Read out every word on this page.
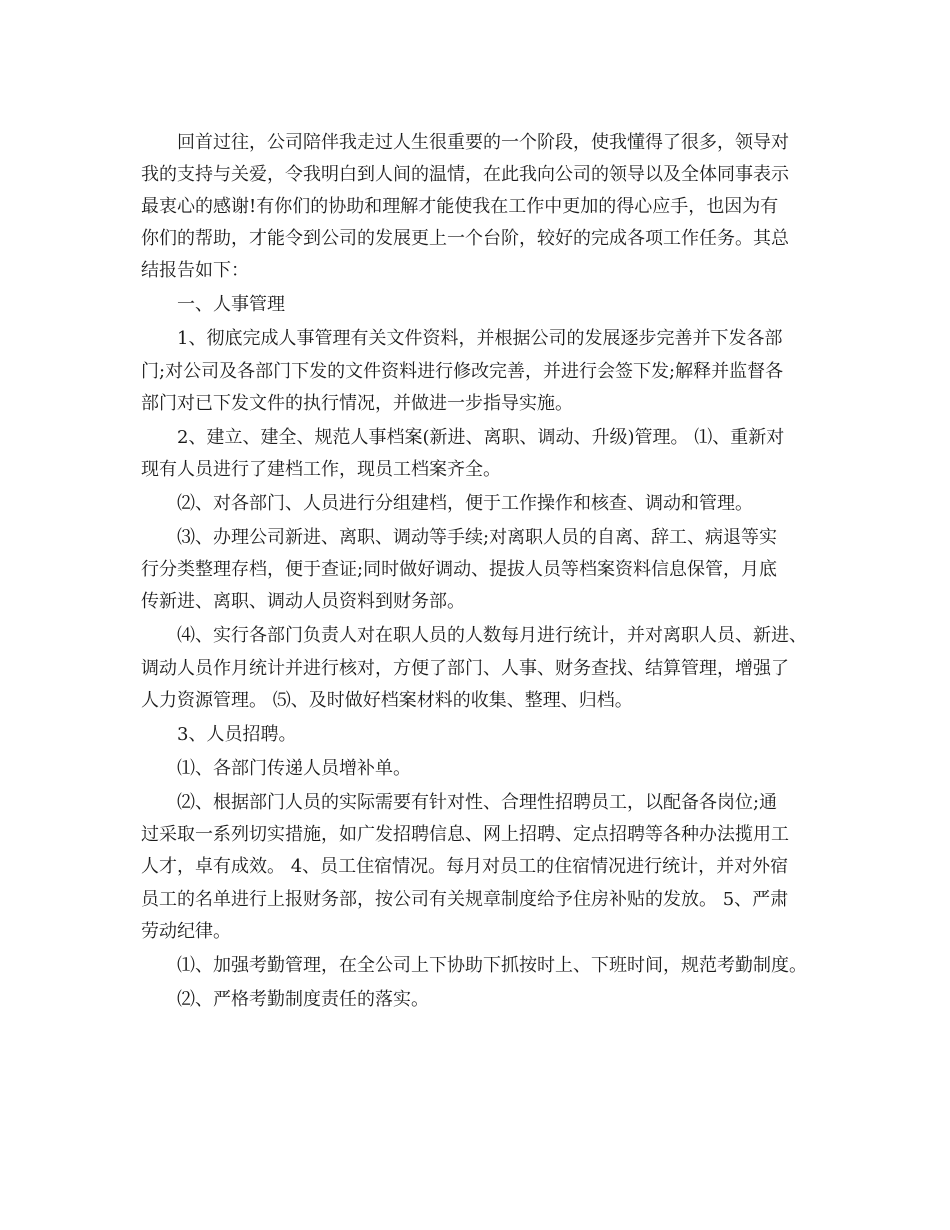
回首过往，公司陪伴我走过人生很重要的一个阶段，使我懂得了很多，领导对
我的支持与关爱，令我明白到人间的温情，在此我向公司的领导以及全体同事表示
最衷心的感谢!有你们的协助和理解才能使我在工作中更加的得心应手，也因为有
你们的帮助，才能令到公司的发展更上一个台阶，较好的完成各项工作任务。其总
结报告如下：
一、人事管理
1、彻底完成人事管理有关文件资料，并根据公司的发展逐步完善并下发各部
门;对公司及各部门下发的文件资料进行修改完善，并进行会签下发;解释并监督各
部门对已下发文件的执行情况，并做进一步指导实施。
2、建立、建全、规范人事档案(新进、离职、调动、升级)管理。 ⑴、重新对
现有人员进行了建档工作，现员工档案齐全。
⑵、对各部门、人员进行分组建档，便于工作操作和核查、调动和管理。
⑶、办理公司新进、离职、调动等手续;对离职人员的自离、辞工、病退等实
行分类整理存档，便于查证;同时做好调动、提拔人员等档案资料信息保管，月底
传新进、离职、调动人员资料到财务部。
⑷、实行各部门负责人对在职人员的人数每月进行统计，并对离职人员、新进、
调动人员作月统计并进行核对，方便了部门、人事、财务查找、结算管理，增强了
人力资源管理。 ⑸、及时做好档案材料的收集、整理、归档。
3、人员招聘。
⑴、各部门传递人员增补单。
⑵、根据部门人员的实际需要有针对性、合理性招聘员工，以配备各岗位;通
过采取一系列切实措施，如广发招聘信息、网上招聘、定点招聘等各种办法揽用工
人才，卓有成效。 4、员工住宿情况。每月对员工的住宿情况进行统计，并对外宿
员工的名单进行上报财务部，按公司有关规章制度给予住房补贴的发放。 5、严肃
劳动纪律。
⑴、加强考勤管理，在全公司上下协助下抓按时上、下班时间，规范考勤制度。
⑵、严格考勤制度责任的落实。
